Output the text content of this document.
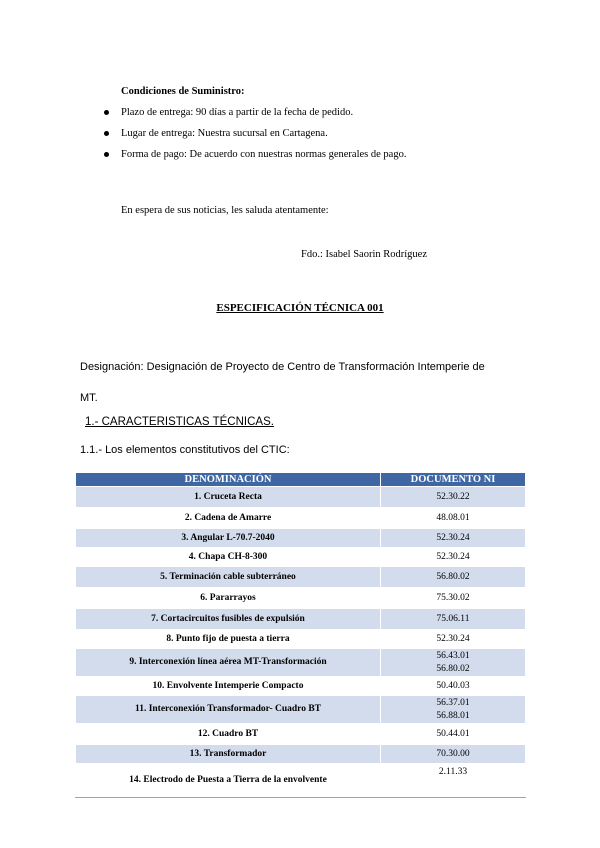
Condiciones de Suministro:
Plazo de entrega: 90 días a partir de la fecha de pedido.
Lugar de entrega: Nuestra sucursal en Cartagena.
Forma de pago: De acuerdo con nuestras normas generales de pago.
En espera de sus noticias, les saluda atentamente:
Fdo.: Isabel Saorin Rodríguez
ESPECIFICACIÓN TÉCNICA 001
Designación: Designación de Proyecto de Centro de Transformación Intemperie de MT.
1.- CARACTERISTICAS TÉCNICAS.
1.1.- Los elementos constitutivos del CTIC:
DENOMINACIÓN	DOCUMENTO NI
1. Cruceta Recta	52.30.22

2. Cadena de Amarre	48.08.01

3. Angular L-70.7-2040	52.30.24

4. Chapa CH-8-300	52.30.24

5. Terminación cable subterráneo	56.80.02

6. Pararrayos	75.30.02

7. Cortacircuitos fusibles de expulsión	75.06.11

8. Punto fijo de puesta a tierra	52.30.24

9. Interconexión línea aérea MT-Transformación	56.43.01
56.80.02

10. Envolvente Intemperie Compacto	50.40.03

11. Interconexión Transformador- Cuadro BT	56.37.01
56.88.01

12. Cuadro BT	50.44.01

13. Transformador	70.30.00

14. Electrodo de Puesta a Tierra de la envolvente	2.11.33
